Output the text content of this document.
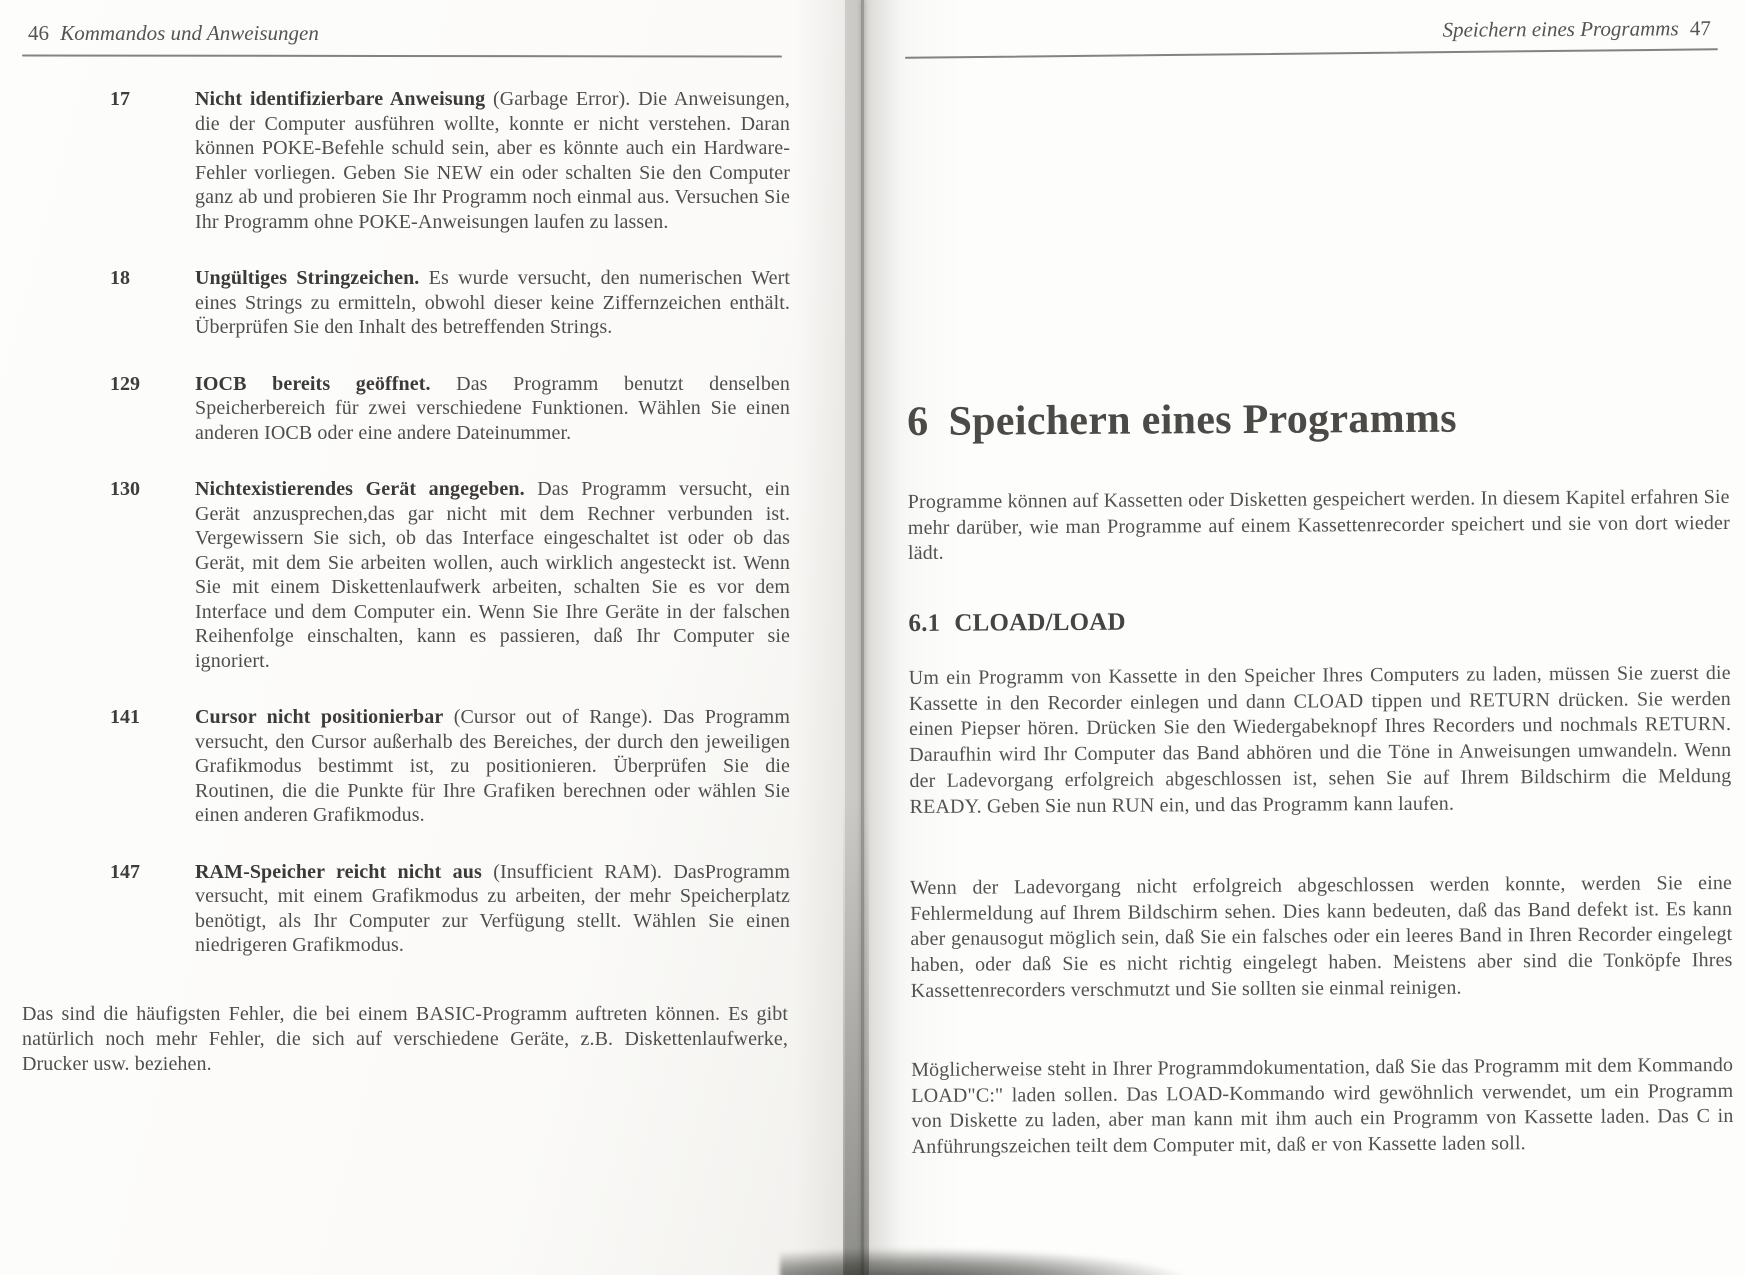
46 Kommandos und Anweisungen
17	Nicht identifizierbare Anweisung (Garbage Error). Die Anweisungen, die der Computer ausführen wollte, konnte er nicht verstehen. Daran können POKE-Befehle schuld sein, aber es könnte auch ein Hardware-Fehler vorliegen. Geben Sie NEW ein oder schalten Sie den Computer ganz ab und probieren Sie Ihr Programm noch einmal aus. Versuchen Sie Ihr Programm ohne POKE-Anweisungen laufen zu lassen.

18	Ungültiges Stringzeichen. Es wurde versucht, den numerischen Wert eines Strings zu ermitteln, obwohl dieser keine Ziffernzeichen enthält. Überprüfen Sie den Inhalt des betreffenden Strings.

129	IOCB bereits geöffnet. Das Programm benutzt denselben Speicherbereich für zwei verschiedene Funktionen. Wählen Sie einen anderen IOCB oder eine andere Dateinummer.

130	Nichtexistierendes Gerät angegeben. Das Programm versucht, ein Gerät anzusprechen,das gar nicht mit dem Rechner verbunden ist. Vergewissern Sie sich, ob das Interface eingeschaltet ist oder ob das Gerät, mit dem Sie arbeiten wollen, auch wirklich angesteckt ist. Wenn Sie mit einem Diskettenlaufwerk arbeiten, schalten Sie es vor dem Interface und dem Computer ein. Wenn Sie Ihre Geräte in der falschen Reihenfolge einschalten, kann es passieren, daß Ihr Computer sie ignoriert.

141	Cursor nicht positionierbar (Cursor out of Range). Das Programm versucht, den Cursor außerhalb des Bereiches, der durch den jeweiligen Grafikmodus bestimmt ist, zu positionieren. Überprüfen Sie die Routinen, die die Punkte für Ihre Grafiken berechnen oder wählen Sie einen anderen Grafikmodus.

147	RAM-Speicher reicht nicht aus (Insufficient RAM). DasProgramm versucht, mit einem Grafikmodus zu arbeiten, der mehr Speicherplatz benötigt, als Ihr Computer zur Verfügung stellt. Wählen Sie einen niedrigeren Grafikmodus.

Das sind die häufigsten Fehler, die bei einem BASIC-Programm auftreten können. Es gibt natürlich noch mehr Fehler, die sich auf verschiedene Geräte, z.B. Diskettenlaufwerke, Drucker usw. beziehen.

Speichern eines Programms 47
6 Speichern eines Programms

Programme können auf Kassetten oder Disketten gespeichert werden. In diesem Kapitel erfahren Sie mehr darüber, wie man Programme auf einem Kassettenrecorder speichert und sie von dort wieder lädt.

6.1 CLOAD/LOAD

Um ein Programm von Kassette in den Speicher Ihres Computers zu laden, müssen Sie zuerst die Kassette in den Recorder einlegen und dann CLOAD tippen und RETURN drücken. Sie werden einen Piepser hören. Drücken Sie den Wiedergabeknopf Ihres Recorders und nochmals RETURN. Daraufhin wird Ihr Computer das Band abhören und die Töne in Anweisungen umwandeln. Wenn der Ladevorgang erfolgreich abgeschlossen ist, sehen Sie auf Ihrem Bildschirm die Meldung READY. Geben Sie nun RUN ein, und das Programm kann laufen.

Wenn der Ladevorgang nicht erfolgreich abgeschlossen werden konnte, werden Sie eine Fehlermeldung auf Ihrem Bildschirm sehen. Dies kann bedeuten, daß das Band defekt ist. Es kann aber genausogut möglich sein, daß Sie ein falsches oder ein leeres Band in Ihren Recorder eingelegt haben, oder daß Sie es nicht richtig eingelegt haben. Meistens aber sind die Tonköpfe Ihres Kassettenrecorders verschmutzt und Sie sollten sie einmal reinigen.

Möglicherweise steht in Ihrer Programmdokumentation, daß Sie das Programm mit dem Kommando LOAD"C:" laden sollen. Das LOAD-Kommando wird gewöhnlich verwendet, um ein Programm von Diskette zu laden, aber man kann mit ihm auch ein Programm von Kassette laden. Das C in Anführungszeichen teilt dem Computer mit, daß er von Kassette laden soll.
